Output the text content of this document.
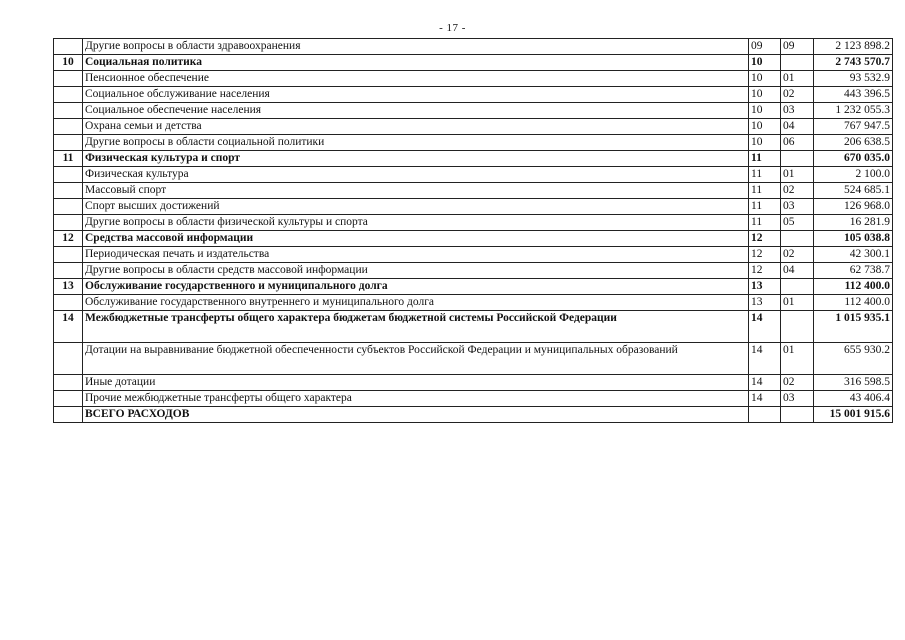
- 17 -
	Другие вопросы в области здравоохранения	09	09	2 123 898.2
10	Социальная политика	10		2 743 570.7
	Пенсионное обеспечение	10	01	93 532.9
	Социальное обслуживание населения	10	02	443 396.5
	Социальное обеспечение населения	10	03	1 232 055.3
	Охрана семьи и детства	10	04	767 947.5
	Другие вопросы в области социальной политики	10	06	206 638.5
11	Физическая культура и спорт	11		670 035.0
	Физическая культура	11	01	2 100.0
	Массовый спорт	11	02	524 685.1
	Спорт высших достижений	11	03	126 968.0
	Другие вопросы в области физической культуры и спорта	11	05	16 281.9
12	Средства массовой информации	12		105 038.8
	Периодическая печать и издательства	12	02	42 300.1
	Другие вопросы в области средств массовой информации	12	04	62 738.7
13	Обслуживание государственного и муниципального долга	13		112 400.0
	Обслуживание государственного внутреннего и муниципального долга	13	01	112 400.0
14	Межбюджетные трансферты общего характера бюджетам бюджетной системы Российской Федерации	14		1 015 935.1
	Дотации на выравнивание бюджетной обеспеченности субъектов Российской Федерации и муниципальных образований	14	01	655 930.2
	Иные дотации	14	02	316 598.5
	Прочие межбюджетные трансферты общего характера	14	03	43 406.4
	ВСЕГО РАСХОДОВ			15 001 915.6
